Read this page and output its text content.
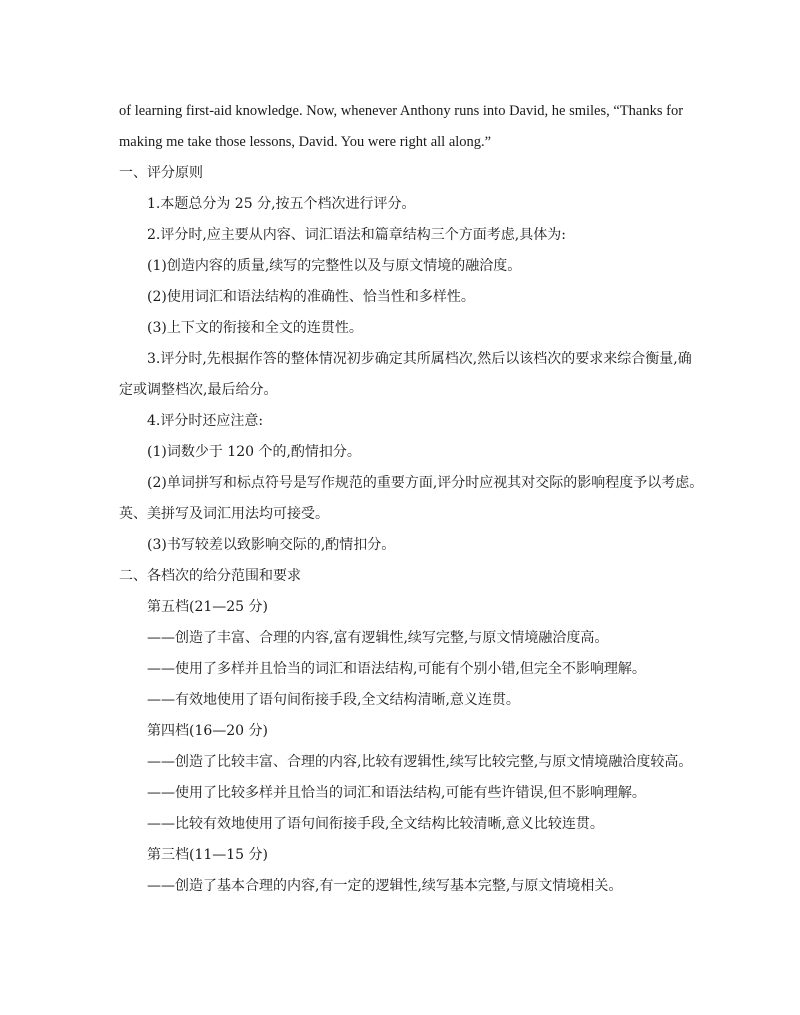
of learning first-aid knowledge. Now, whenever Anthony runs into David, he smiles, “Thanks for
making me take those lessons, David. You were right all along.”
一、评分原则
1.本题总分为 25 分,按五个档次进行评分。
2.评分时,应主要从内容、词汇语法和篇章结构三个方面考虑,具体为:
(1)创造内容的质量,续写的完整性以及与原文情境的融洽度。
(2)使用词汇和语法结构的准确性、恰当性和多样性。
(3)上下文的衔接和全文的连贯性。
3.评分时,先根据作答的整体情况初步确定其所属档次,然后以该档次的要求来综合衡量,确
定或调整档次,最后给分。
4.评分时还应注意:
(1)词数少于 120 个的,酌情扣分。
(2)单词拼写和标点符号是写作规范的重要方面,评分时应视其对交际的影响程度予以考虑。
英、美拼写及词汇用法均可接受。
(3)书写较差以致影响交际的,酌情扣分。
二、各档次的给分范围和要求
第五档(21—25 分)
——创造了丰富、合理的内容,富有逻辑性,续写完整,与原文情境融洽度高。
——使用了多样并且恰当的词汇和语法结构,可能有个别小错,但完全不影响理解。
——有效地使用了语句间衔接手段,全文结构清晰,意义连贯。
第四档(16—20 分)
——创造了比较丰富、合理的内容,比较有逻辑性,续写比较完整,与原文情境融洽度较高。
——使用了比较多样并且恰当的词汇和语法结构,可能有些许错误,但不影响理解。
——比较有效地使用了语句间衔接手段,全文结构比较清晰,意义比较连贯。
第三档(11—15 分)
——创造了基本合理的内容,有一定的逻辑性,续写基本完整,与原文情境相关。
